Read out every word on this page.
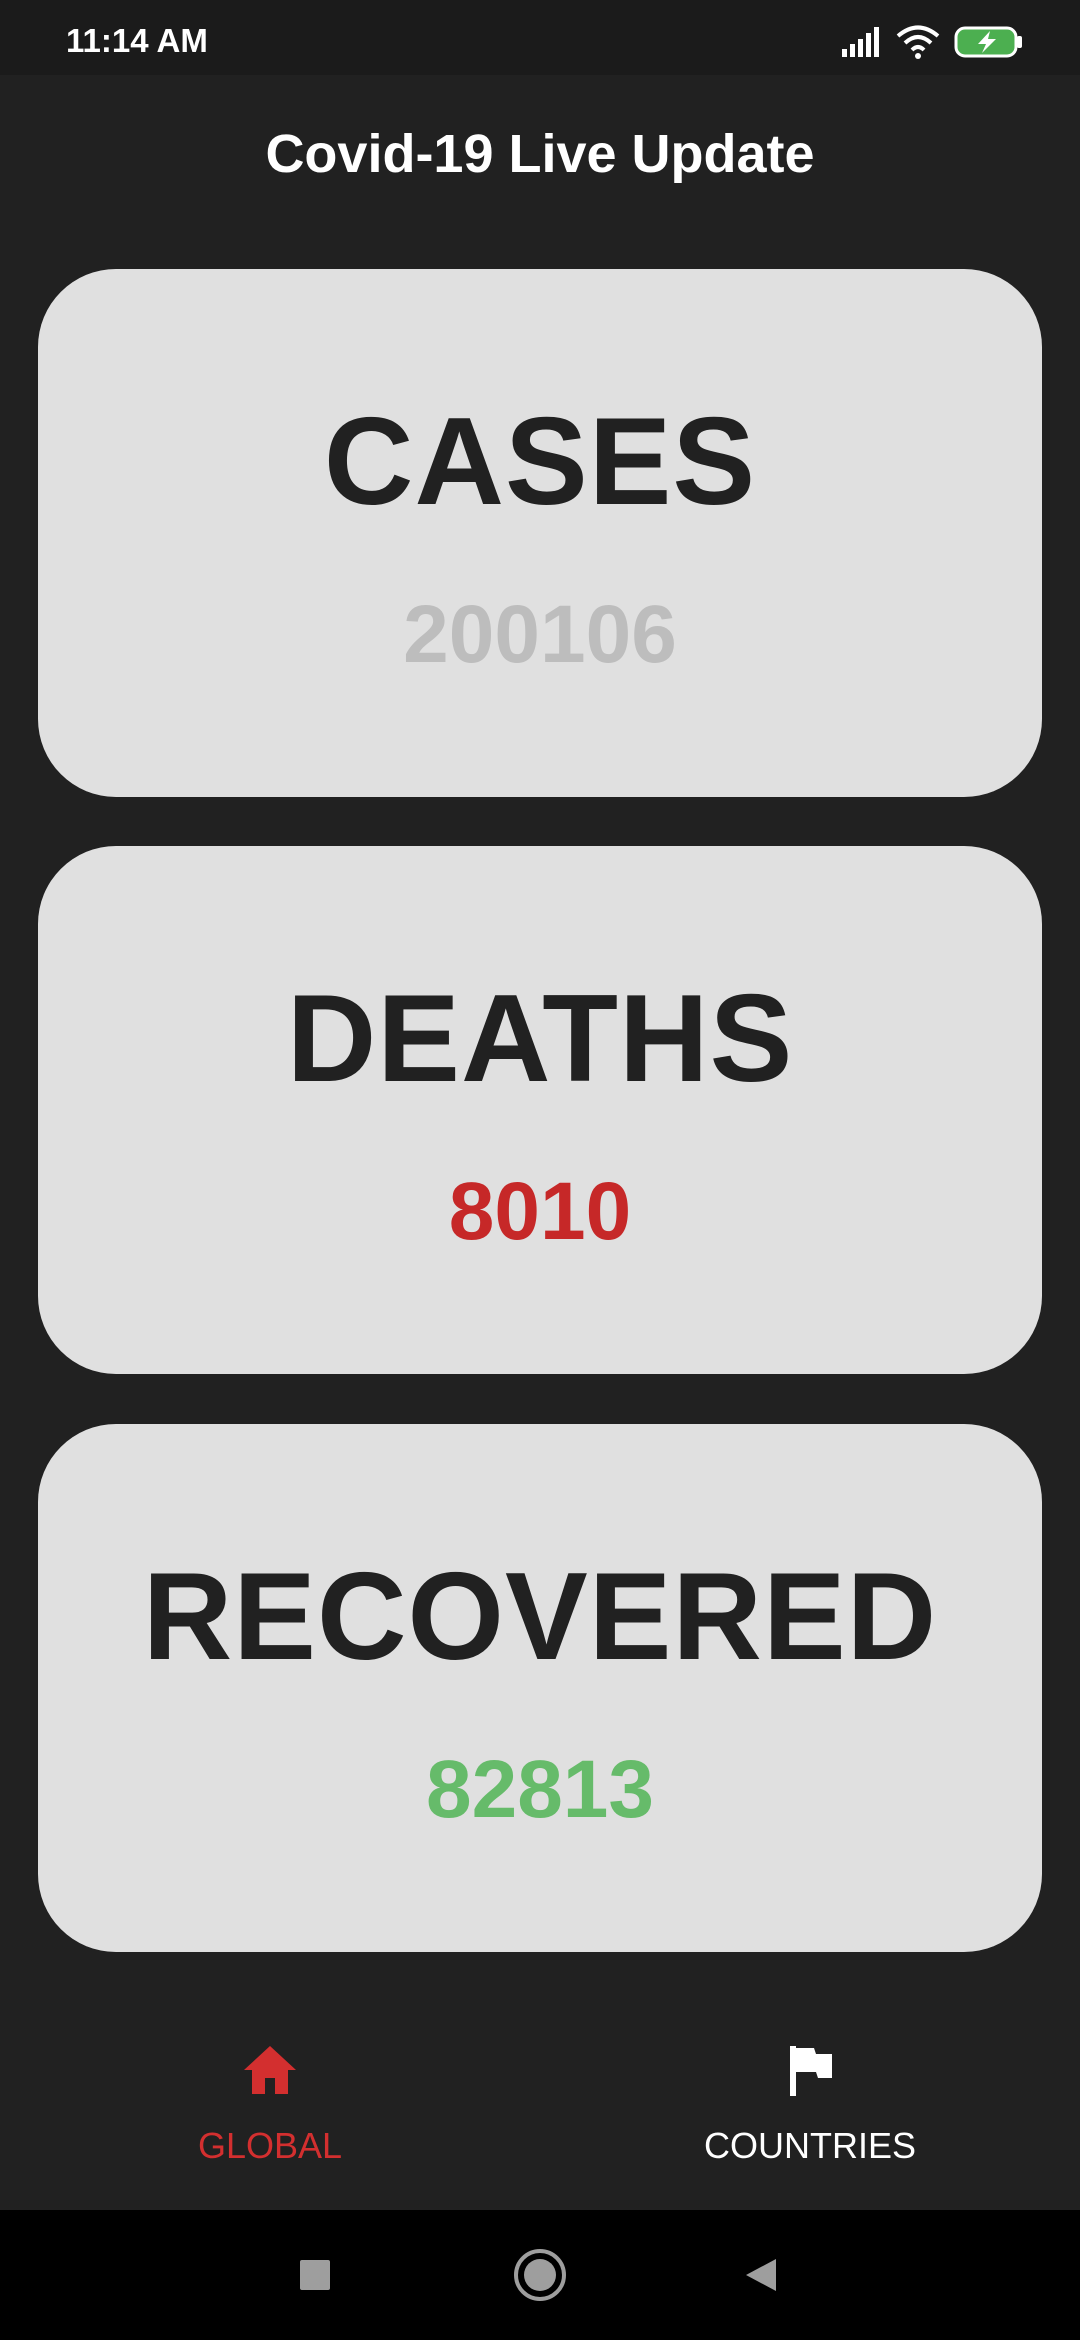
11:14 AM
Covid-19 Live Update
CASES
200106
DEATHS
8010
RECOVERED
82813
GLOBAL	COUNTRIES
